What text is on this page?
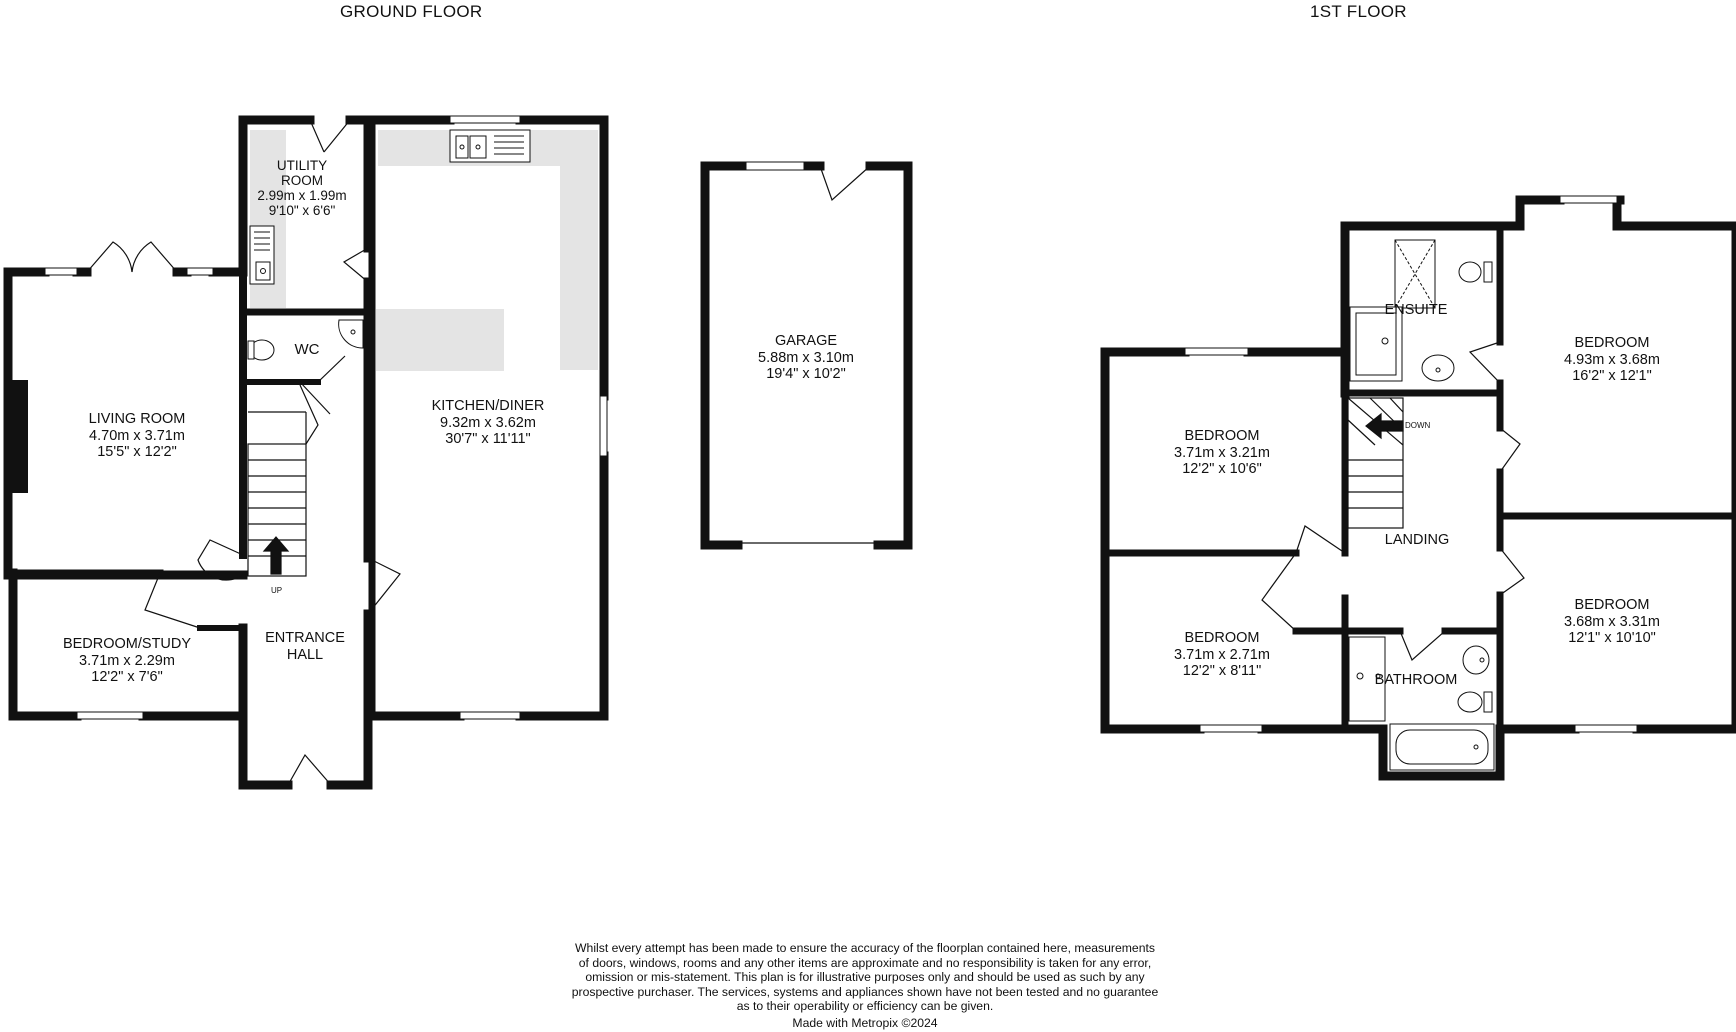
GROUND FLOOR	1ST FLOOR
UTILITY
ROOM
2.99m x 1.99m
9'10" x 6'6"
LIVING ROOM
4.70m x 3.71m
15'5" x 12'2"
WC
KITCHEN/DINER
9.32m x 3.62m
30'7" x 11'11"
GARAGE
5.88m x 3.10m
19'4" x 10'2"
BEDROOM/STUDY
3.71m x 2.29m
12'2" x 7'6"
ENTRANCE
HALL
UP
DOWN
ENSUITE
BEDROOM
4.93m x 3.68m
16'2" x 12'1"
BEDROOM
3.71m x 3.21m
12'2" x 10'6"
LANDING
BEDROOM
3.68m x 3.31m
12'1" x 10'10"
BEDROOM
3.71m x 2.71m
12'2" x 8'11"
BATHROOM
Whilst every attempt has been made to ensure the accuracy of the floorplan contained here, measurements
of doors, windows, rooms and any other items are approximate and no responsibility is taken for any error,
omission or mis-statement. This plan is for illustrative purposes only and should be used as such by any
prospective purchaser. The services, systems and appliances shown have not been tested and no guarantee
as to their operability or efficiency can be given.
Made with Metropix ©2024
